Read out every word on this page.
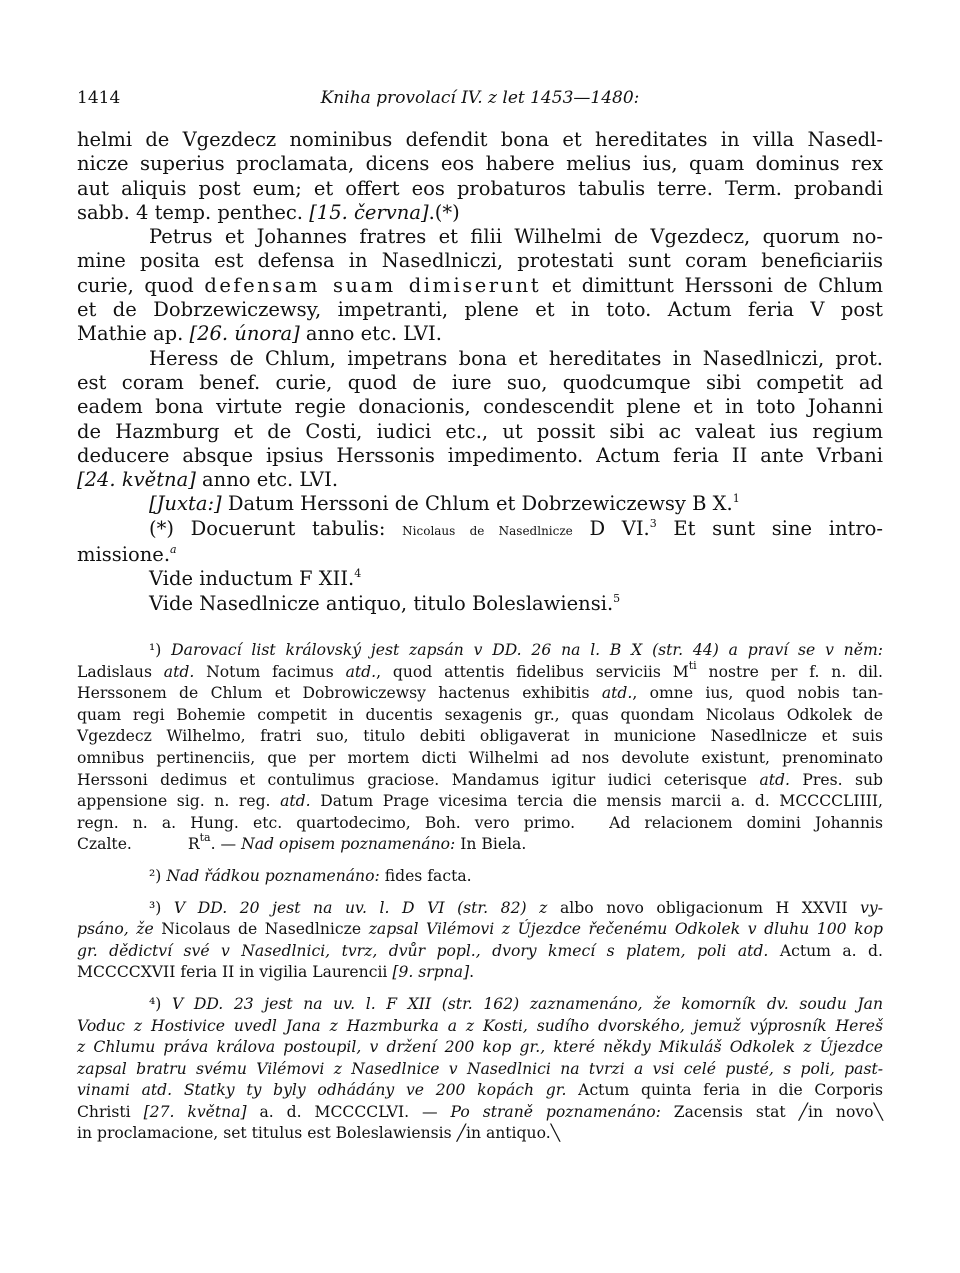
1414	Kniha provolací IV. z let 1453—1480:

helmi de Vgezdecz nominibus defendit bona et hereditates in villa Nasedl-
nicze superius proclamata, dicens eos habere melius ius, quam dominus rex
aut aliquis post eum; et offert eos probaturos tabulis terre. Term. probandi
sabb. 4 temp. penthec. [15. června].(*)

Petrus et Johannes fratres et filii Wilhelmi de Vgezdecz, quorum no-
mine posita est defensa in Nasedlniczi, protestati sunt coram beneficiariis
curie, quod defensam suam dimiserunt et dimittunt Herssoni de Chlum
et de Dobrzewiczewsy, impetranti, plene et in toto. Actum feria V post
Mathie ap. [26. února] anno etc. LVI.

Heress de Chlum, impetrans bona et hereditates in Nasedlniczi, prot.
est coram benef. curie, quod de iure suo, quodcumque sibi competit ad
eadem bona virtute regie donacionis, condescendit plene et in toto Johanni
de Hazmburg et de Costi, iudici etc., ut possit sibi ac valeat ius regium
deducere absque ipsius Herssonis impedimento. Actum feria II ante Vrbani
[24. května] anno etc. LVI.

[Juxta:] Datum Herssoni de Chlum et Dobrzewiczewsy B X.$^1$

(*) Docuerunt tabulis: Nicolaus de Nasedlnicze D VI.$^3$ Et sunt sine intro-
missione.$^a$

Vide inductum F XII.$^4$

Vide Nasedlnicze antiquo, titulo Boleslawiensi.$^5$

¹) Darovací list královský jest zapsán v DD. 26 na l. B X (str. 44) a praví se v něm:
Ladislaus atd. Notum facimus atd., quod attentis fidelibus serviciis $M^{ti}$ nostre per f. n. dil.
Herssonem de Chlum et Dobrowiczewsy hactenus exhibitis atd., omne ius, quod nobis tan-
quam regi Bohemie competit in ducentis sexagenis gr., quas quondam Nicolaus Odkolek de
Vgezdecz Wilhelmo, fratri suo, titulo debiti obligaverat in municione Nasedlnicze et suis
omnibus pertinenciis, que per mortem dicti Wilhelmi ad nos devolute existunt, prenominato
Herssoni dedimus et contulimus graciose. Mandamus igitur iudici ceterisque atd. Pres. sub
appensione sig. n. reg. atd. Datum Prage vicesima tercia die mensis marcii a. d. MCCCCLIIII,
regn. n. a. Hung. etc. quartodecimo, Boh. vero primo. Ad relacionem domini Johannis
Czalte.	$R^{ta}$. — Nad opisem poznamenáno: In Biela.
²) Nad řádkou poznamenáno: fides facta.
³) V DD. 20 jest na uv. l. D VI (str. 82) z albo novo obligacionum H XXVII vy-
psáno, že Nicolaus de Nasedlnicze zapsal Vilémovi z Újezdce řečenému Odkolek v dluhu 100 kop
gr. dědictví své v Nasedlnici, tvrz, dvůr popl., dvory kmecí s platem, poli atd. Actum a. d.
MCCCCXVII feria II in vigilia Laurencii [9. srpna].
⁴) V DD. 23 jest na uv. l. F XII (str. 162) zaznamenáno, že komorník dv. soudu Jan
Voduc z Hostivice uvedl Jana z Hazmburka a z Kosti, sudího dvorského, jemuž výprosník Hereš
z Chlumu práva králova postoupil, v držení 200 kop gr., které někdy Mikuláš Odkolek z Újezdce
zapsal bratru svému Vilémovi z Nasedlnice v Nasedlnici na tvrzi a vsi celé pusté, s poli, past-
vinami atd. Statky ty byly odhádány ve 200 kopách gr. Actum quinta feria in die Corporis
Christi [27. května] a. d. MCCCCLVI. — Po straně poznamenáno: Zacensis stat ╱in novo╲
in proclamacione, set titulus est Boleslawiensis ╱in antiquo.╲
